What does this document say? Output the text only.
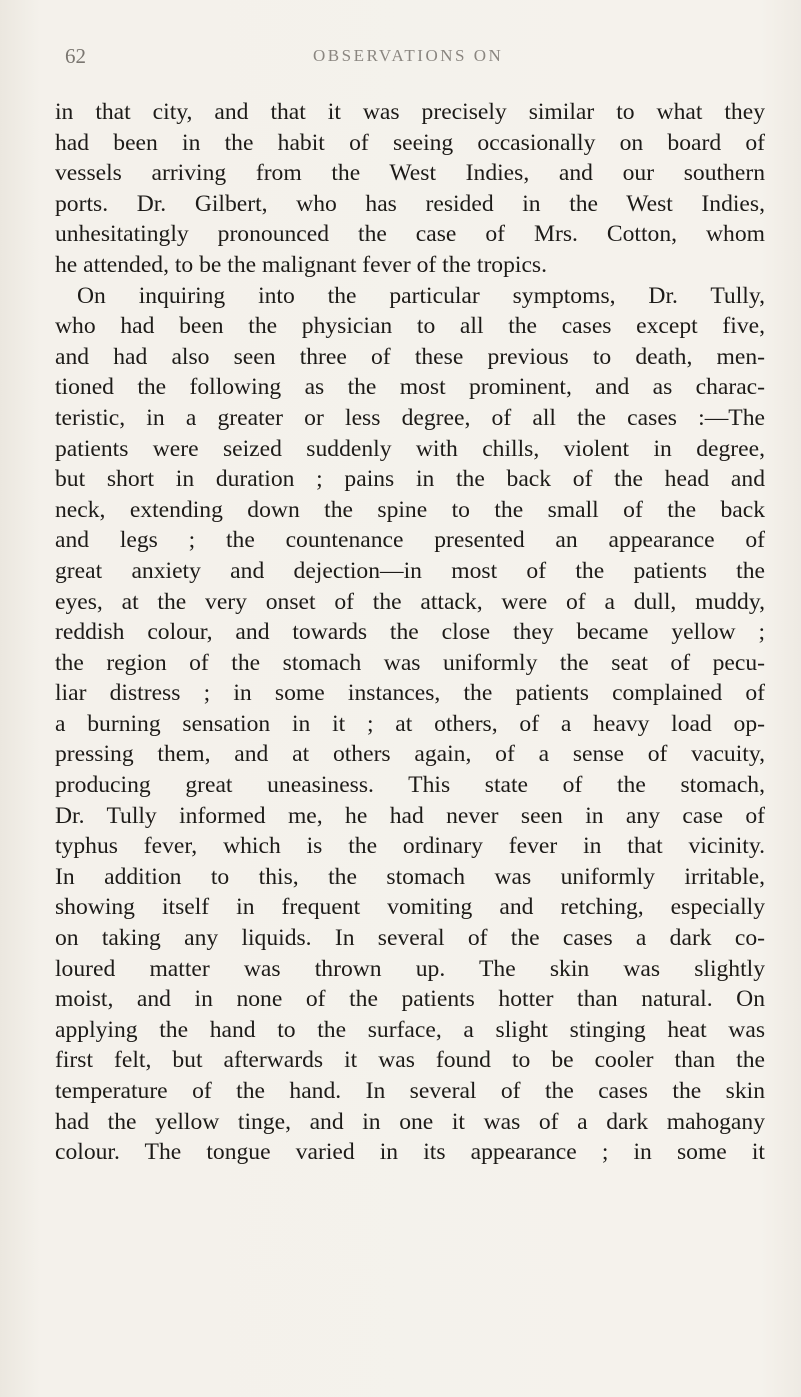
62	OBSERVATIONS ON
in that city, and that it was precisely similar to what they
had been in the habit of seeing occasionally on board of
vessels arriving from the West Indies, and our southern
ports. Dr. Gilbert, who has resided in the West Indies,
unhesitatingly pronounced the case of Mrs. Cotton, whom
he attended, to be the malignant fever of the tropics.
On inquiring into the particular symptoms, Dr. Tully,
who had been the physician to all the cases except five,
and had also seen three of these previous to death, men-
tioned the following as the most prominent, and as charac-
teristic, in a greater or less degree, of all the cases :—The
patients were seized suddenly with chills, violent in degree,
but short in duration ; pains in the back of the head and
neck, extending down the spine to the small of the back
and legs ; the countenance presented an appearance of
great anxiety and dejection—in most of the patients the
eyes, at the very onset of the attack, were of a dull, muddy,
reddish colour, and towards the close they became yellow ;
the region of the stomach was uniformly the seat of pecu-
liar distress ; in some instances, the patients complained of
a burning sensation in it ; at others, of a heavy load op-
pressing them, and at others again, of a sense of vacuity,
producing great uneasiness. This state of the stomach,
Dr. Tully informed me, he had never seen in any case of
typhus fever, which is the ordinary fever in that vicinity.
In addition to this, the stomach was uniformly irritable,
showing itself in frequent vomiting and retching, especially
on taking any liquids. In several of the cases a dark co-
loured matter was thrown up. The skin was slightly
moist, and in none of the patients hotter than natural. On
applying the hand to the surface, a slight stinging heat was
first felt, but afterwards it was found to be cooler than the
temperature of the hand. In several of the cases the skin
had the yellow tinge, and in one it was of a dark mahogany
colour. The tongue varied in its appearance ; in some it
